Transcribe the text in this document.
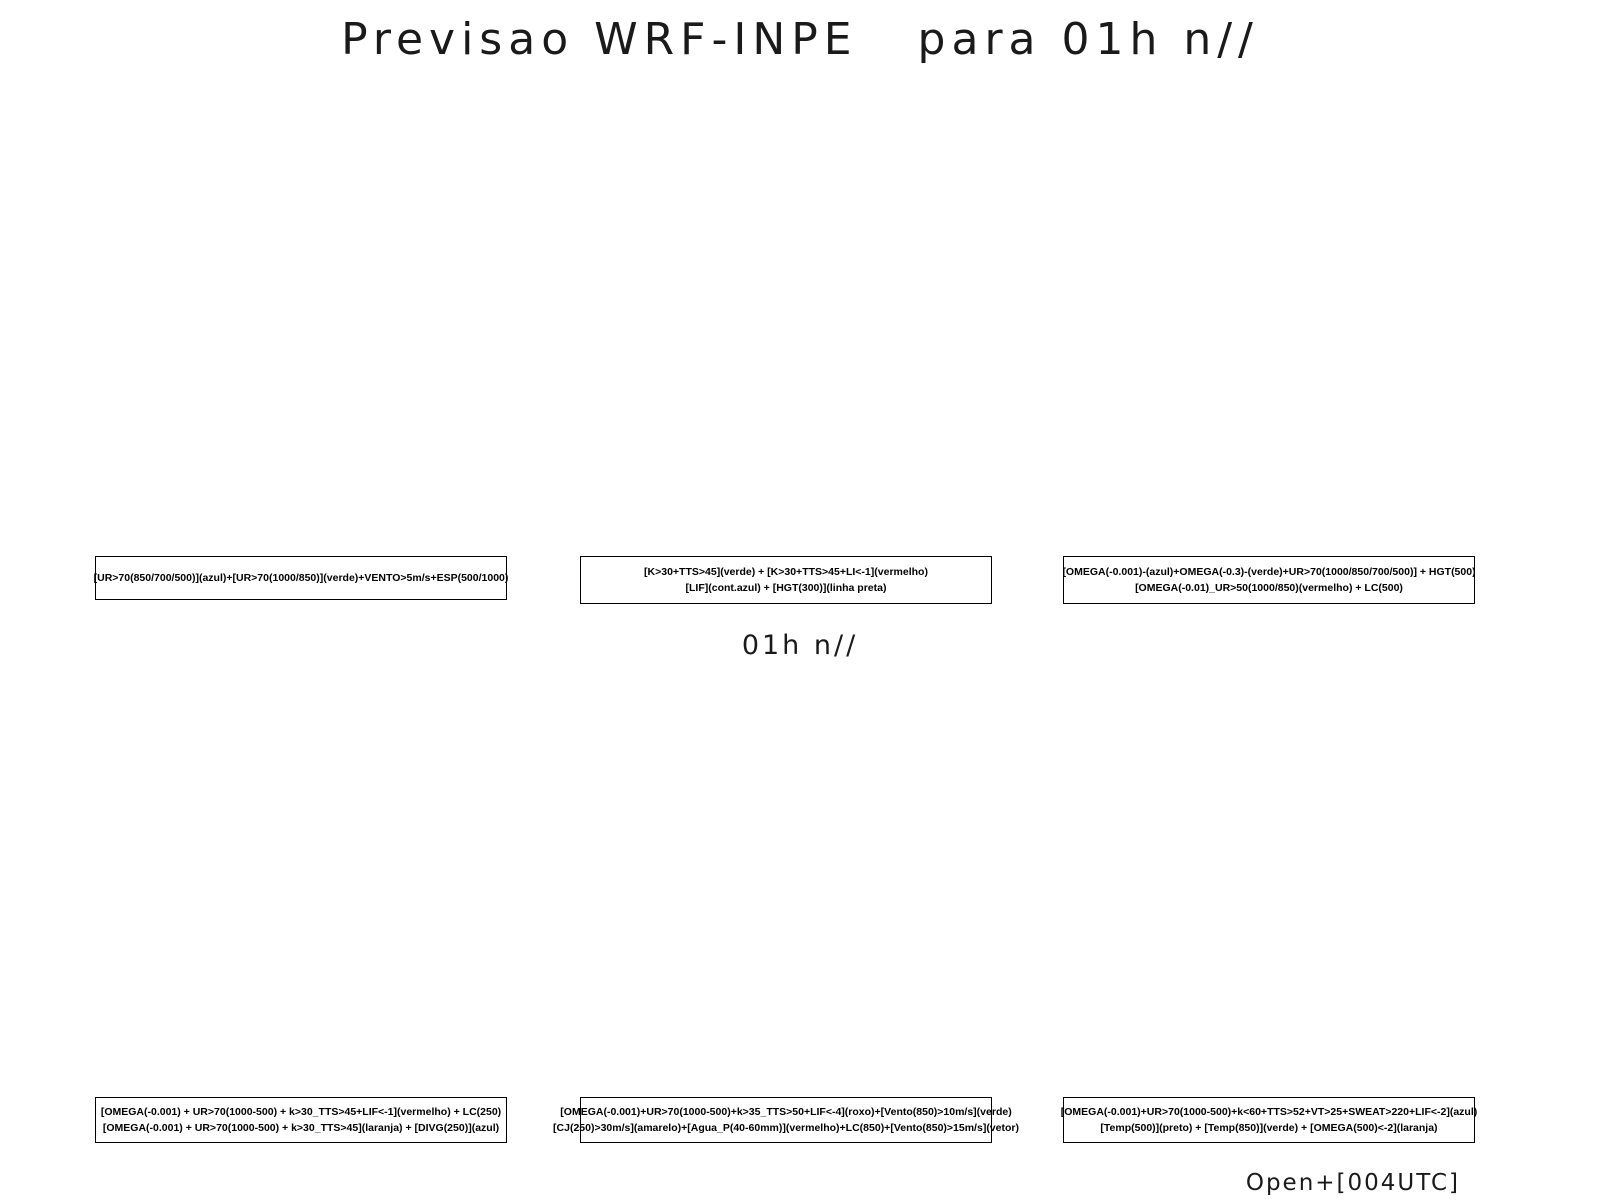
Previsao WRF-INPE   para 01h n//
[UR>70(850/700/500)](azul)+[UR>70(1000/850)](verde)+VENTO>5m/s+ESP(500/1000)
[K>30+TTS>45](verde) + [K>30+TTS>45+LI<-1](vermelho)
[LIF](cont.azul) + [HGT(300)](linha preta)
[OMEGA(-0.001)-(azul)+OMEGA(-0.3)-(verde)+UR>70(1000/850/700/500)] + HGT(500)
[OMEGA(-0.01)_UR>50(1000/850)(vermelho) + LC(500)
01h n//
[OMEGA(-0.001) + UR>70(1000-500) + k>30_TTS>45+LIF<-1](vermelho) + LC(250)
[OMEGA(-0.001) + UR>70(1000-500) + k>30_TTS>45](laranja) + [DIVG(250)](azul)
[OMEGA(-0.001)+UR>70(1000-500)+k>35_TTS>50+LIF<-4](roxo)+[Vento(850)>10m/s](verde)
[CJ(250)>30m/s](amarelo)+[Agua_P(40-60mm)](vermelho)+LC(850)+[Vento(850)>15m/s](vetor)
[OMEGA(-0.001)+UR>70(1000-500)+k<60+TTS>52+VT>25+SWEAT>220+LIF<-2](azul)
[Temp(500)](preto) + [Temp(850)](verde) + [OMEGA(500)<-2](laranja)
Open+[004UTC]
